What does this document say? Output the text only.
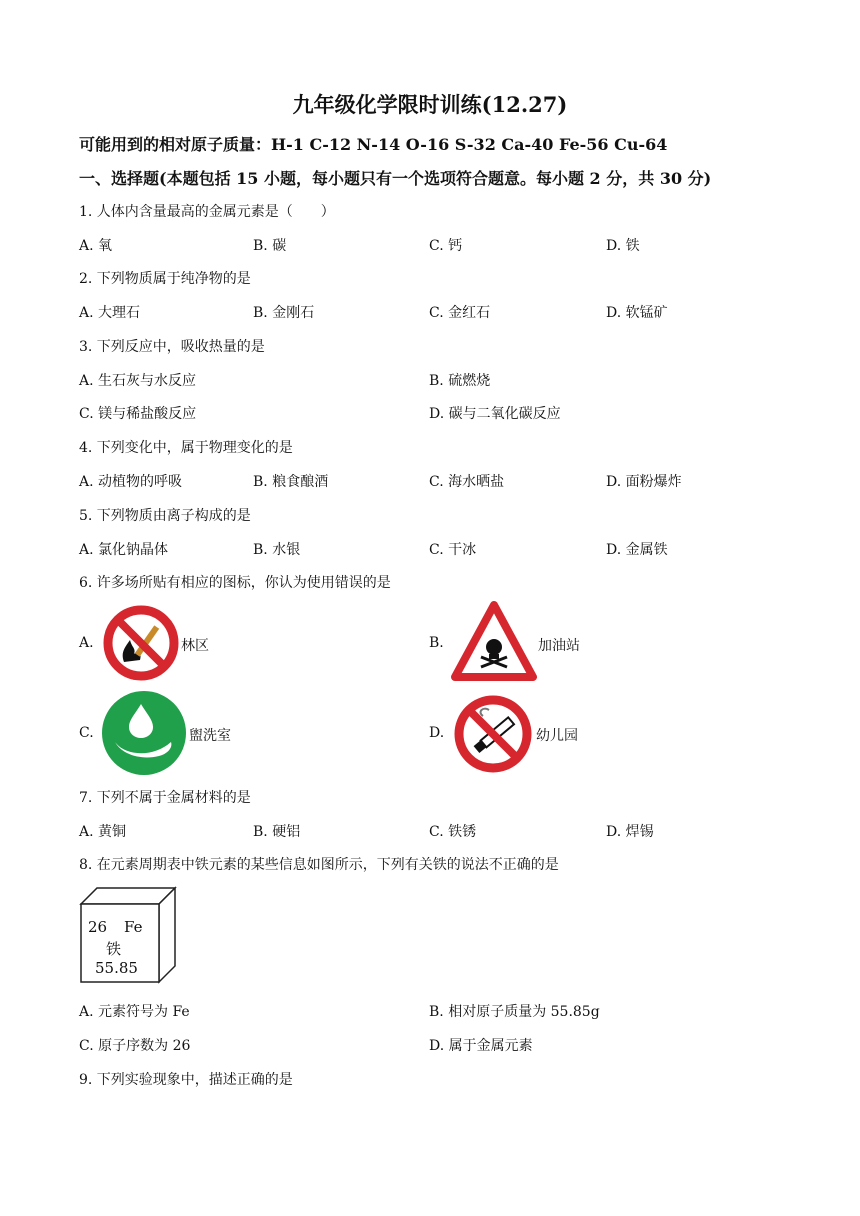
九年级化学限时训练(12.27)
可能用到的相对原子质量：H-1 C-12 N-14 O-16 S-32 Ca-40 Fe-56 Cu-64
一、选择题(本题包括 15 小题，每小题只有一个选项符合题意。每小题 2 分，共 30 分)
1. 人体内含量最高的金属元素是（　　）
A. 氧	B. 碳	C. 钙	D. 铁
2. 下列物质属于纯净物的是
A. 大理石	B. 金刚石	C. 金红石	D. 软锰矿
3. 下列反应中，吸收热量的是
A. 生石灰与水反应	B. 硫燃烧
C. 镁与稀盐酸反应	D. 碳与二氧化碳反应
4. 下列变化中，属于物理变化的是
A. 动植物的呼吸	B. 粮食酿酒	C. 海水晒盐	D. 面粉爆炸
5. 下列物质由离子构成的是
A. 氯化钠晶体	B. 水银	C. 干冰	D. 金属铁
6. 许多场所贴有相应的图标，你认为使用错误的是
A.	林区	B.	加油站
C.	盥洗室	D.	幼儿园
7. 下列不属于金属材料的是
A. 黄铜	B. 硬铝	C. 铁锈	D. 焊锡
8. 在元素周期表中铁元素的某些信息如图所示，下列有关铁的说法不正确的是
26 Fe
铁
55.85
A. 元素符号为 Fe	B. 相对原子质量为 55.85g
C. 原子序数为 26	D. 属于金属元素
9. 下列实验现象中，描述正确的是
